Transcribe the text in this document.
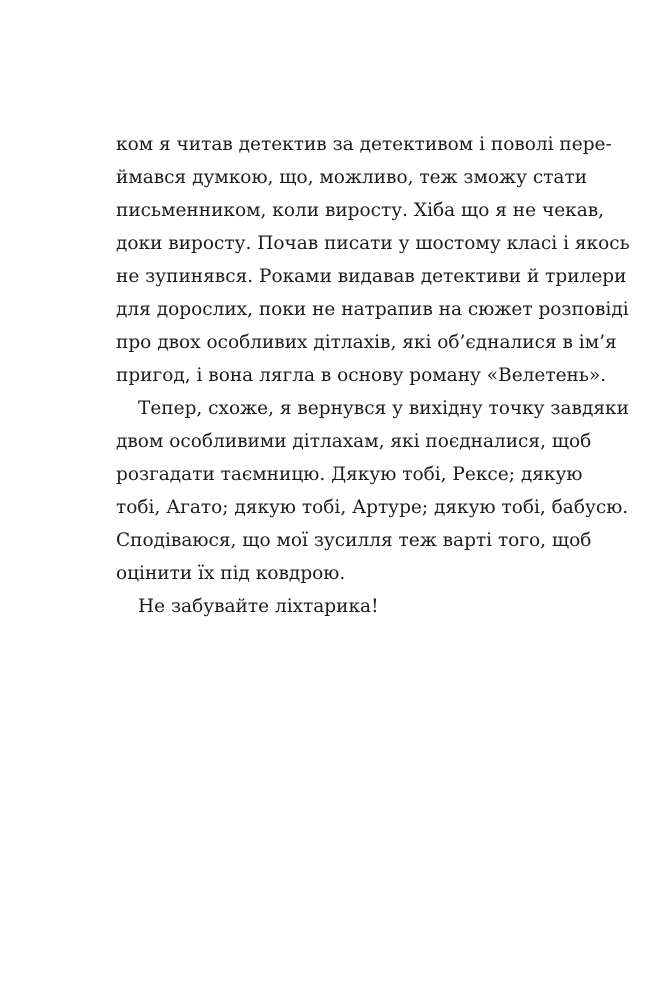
ком я читав детектив за детективом і поволі пере-
ймався думкою, що, можливо, теж зможу стати
письменником, коли виросту. Хіба що я не чекав,
доки виросту. Почав писати у шостому класі і якось
не зупинявся. Роками видавав детективи й трилери
для дорослих, поки не натрапив на сюжет розповіді
про двох особливих дітлахів, які об’єдналися в ім’я
пригод, і вона лягла в основу роману «Велетень».
Тепер, схоже, я вернувся у вихідну точку завдяки
двом особливими дітлахам, які поєдналися, щоб
розгадати таємницю. Дякую тобі, Рексе; дякую
тобі, Агато; дякую тобі, Артуре; дякую тобі, бабусю.
Сподіваюся, що мої зусилля теж варті того, щоб
оцінити їх під ковдрою.
Не забувайте ліхтарика!
